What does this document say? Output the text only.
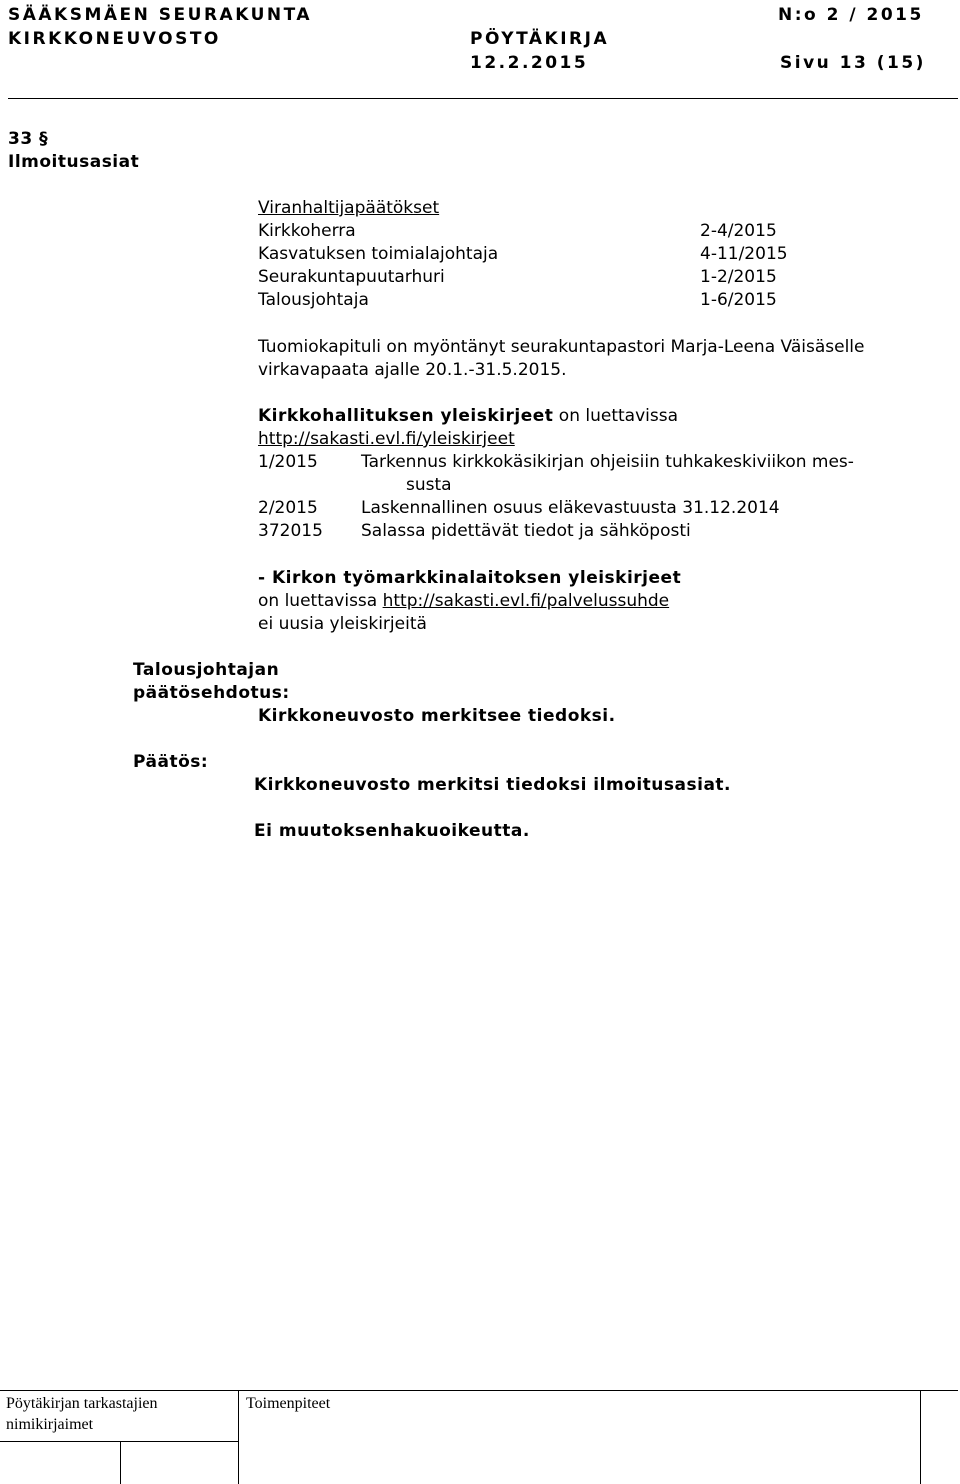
SÄÄKSMÄEN SEURAKUNTA	N:o 2 / 2015
KIRKKONEUVOSTO	PÖYTÄKIRJA
12.2.2015	Sivu 13 (15)
33 §
Ilmoitusasiat
Viranhaltijapäätökset
Kirkkoherra	2-4/2015
Kasvatuksen toimialajohtaja	4-11/2015
Seurakuntapuutarhuri	1-2/2015
Talousjohtaja	1-6/2015
Tuomiokapituli on myöntänyt seurakuntapastori Marja-Leena Väisäselle
virkavapaata ajalle 20.1.-31.5.2015.
Kirkkohallituksen yleiskirjeet on luettavissa
http://sakasti.evl.fi/yleiskirjeet
1/2015	Tarkennus kirkkokäsikirjan ohjeisiin tuhkakeskiviikon mes-
susta
2/2015	Laskennallinen osuus eläkevastuusta 31.12.2014
372015 Salassa pidettävät tiedot ja sähköposti
- Kirkon työmarkkinalaitoksen yleiskirjeet
on luettavissa http://sakasti.evl.fi/palvelussuhde
ei uusia yleiskirjeitä
Talousjohtajan
päätösehdotus:
Kirkkoneuvosto merkitsee tiedoksi.
Päätös:
Kirkkoneuvosto merkitsi tiedoksi ilmoitusasiat.
Ei muutoksenhakuoikeutta.
Pöytäkirjan tarkastajien
nimikirjaimet
Toimenpiteet
